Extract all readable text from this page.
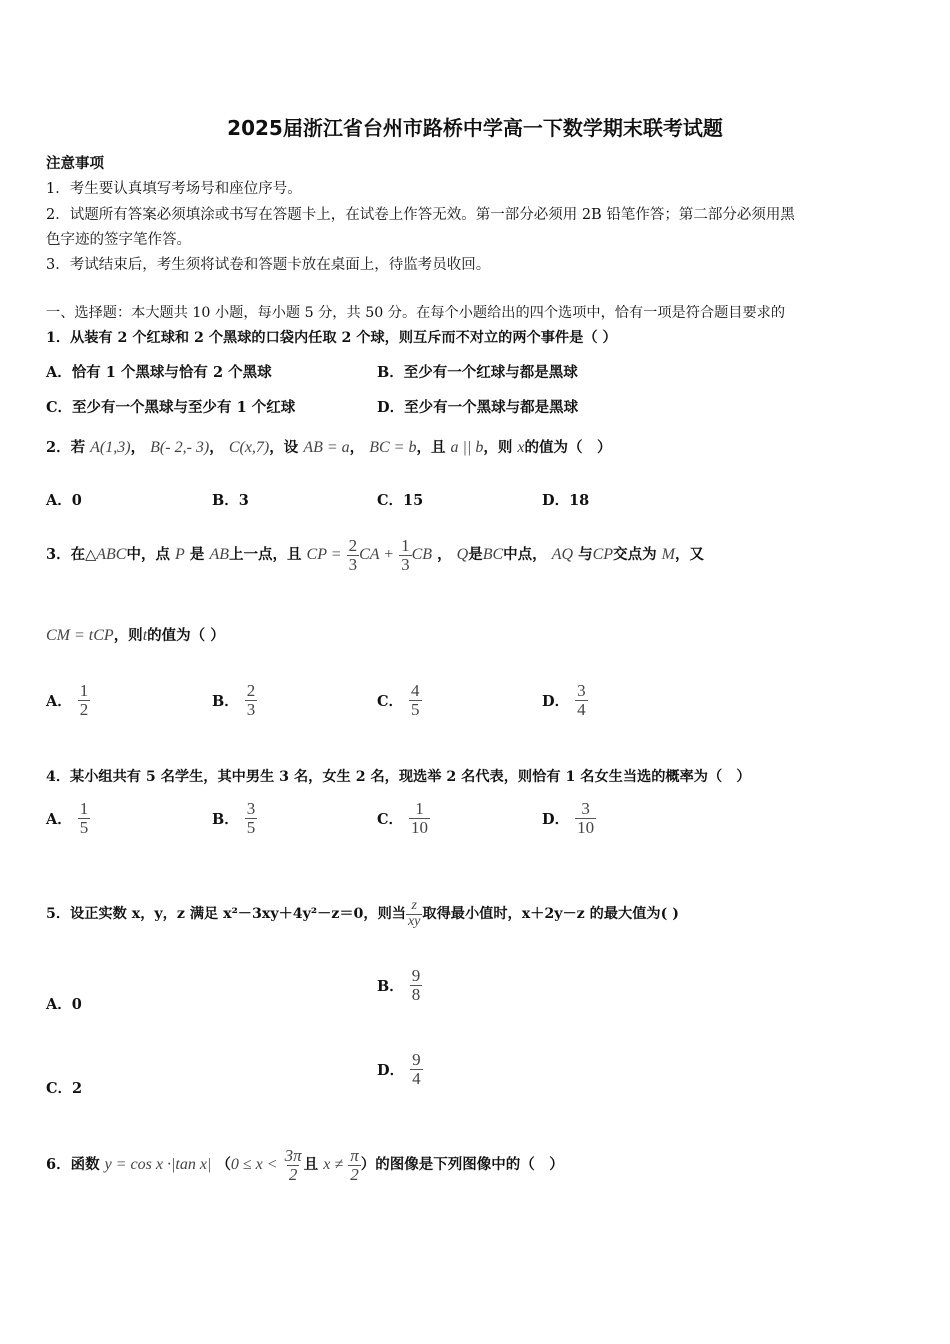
2025届浙江省台州市路桥中学高一下数学期末联考试题
注意事项
1．考生要认真填写考场号和座位序号。
2．试题所有答案必须填涂或书写在答题卡上，在试卷上作答无效。第一部分必须用 2B 铅笔作答；第二部分必须用黑
色字迹的签字笔作答。
3．考试结束后，考生须将试卷和答题卡放在桌面上，待监考员收回。
一、选择题：本大题共 10 小题，每小题 5 分，共 50 分。在每个小题给出的四个选项中，恰有一项是符合题目要求的
1．从装有 2 个红球和 2 个黑球的口袋内任取 2 个球，则互斥而不对立的两个事件是（ ）
A．恰有 1 个黑球与恰有 2 个黑球	B．至少有一个红球与都是黑球
C．至少有一个黑球与至少有 1 个红球	D．至少有一个黑球与都是黑球
2．若 A(1,3)， B(- 2,- 3)， C(x,7)，设 AB = a， BC = b，且 a || b，则 x的值为（　）
A．0	B．3	C．15	D．18
3．在△ABC中，点 P 是 AB上一点，且 CP = $\frac{2}{3}$ CA + $\frac{1}{3}$ CB ， Q是BC中点， AQ 与CP交点为 M，又
CM = tCP，则t的值为（ ）
A． $\frac{1}{2}$	B． $\frac{2}{3}$	C． $\frac{4}{5}$	D． $\frac{3}{4}$
4．某小组共有 5 名学生，其中男生 3 名，女生 2 名，现选举 2 名代表，则恰有 1 名女生当选的概率为（　）
A． $\frac{1}{5}$	B． $\frac{3}{5}$	C． $\frac{1}{10}$	D． $\frac{3}{10}$
5．设正实数 x，y，z 满足 x²－3xy＋4y²－z＝0，则当 $\frac{z}{xy}$ 取得最小值时，x＋2y－z 的最大值为( )
A．0
B． $\frac{9}{8}$
C．2
D． $\frac{9}{4}$
6．函数 y = cos x ·|tan x| （$0 \le x < \frac{3\pi}{2}$ 且 $x \ne \frac{\pi}{2}$ ）的图像是下列图像中的（　）
